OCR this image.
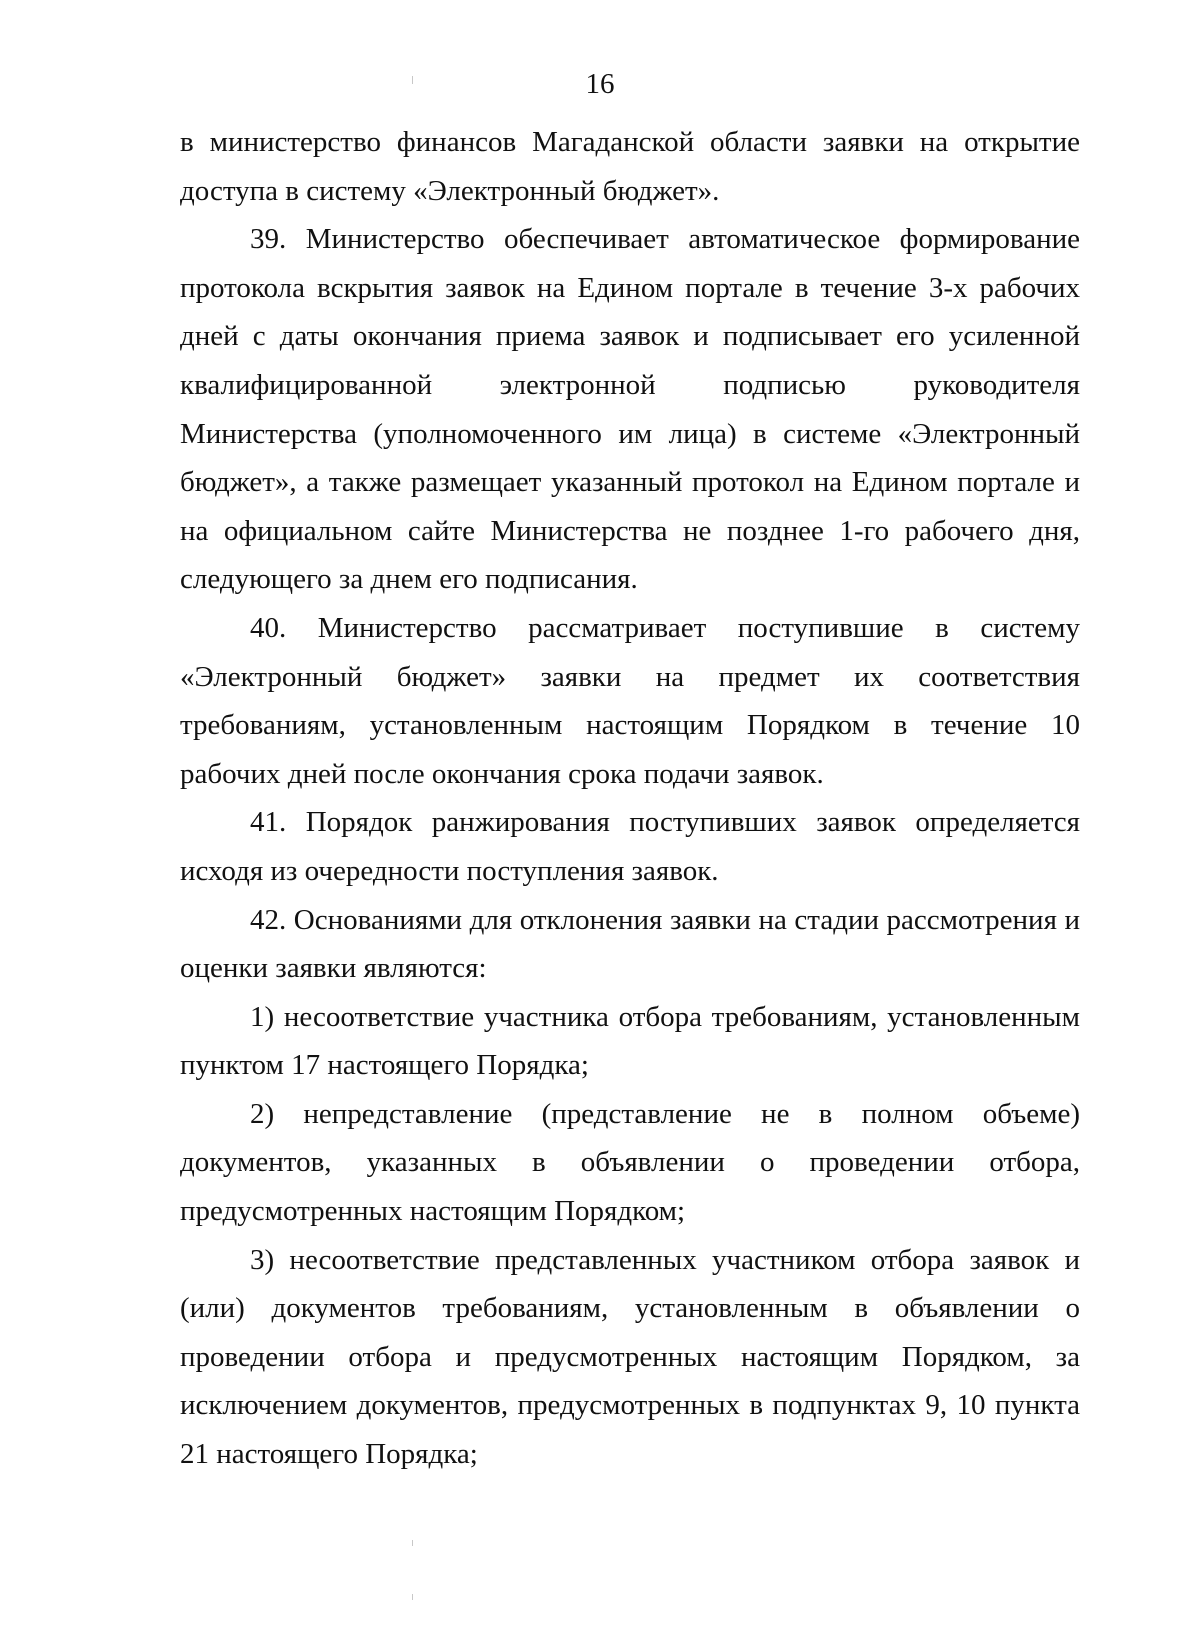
16

в министерство финансов Магаданской области заявки на открытие доступа в систему «Электронный бюджет».

39. Министерство обеспечивает автоматическое формирование протокола вскрытия заявок на Едином портале в течение 3-х рабочих дней с даты окончания приема заявок и подписывает его усиленной квалифицированной электронной подписью руководителя Министерства (уполномоченного им лица) в системе «Электронный бюджет», а также размещает указанный протокол на Едином портале и на официальном сайте Министерства не позднее 1-го рабочего дня, следующего за днем его подписания.

40. Министерство рассматривает поступившие в систему «Электронный бюджет» заявки на предмет их соответствия требованиям, установленным настоящим Порядком в течение 10 рабочих дней после окончания срока подачи заявок.

41. Порядок ранжирования поступивших заявок определяется исходя из очередности поступления заявок.

42. Основаниями для отклонения заявки на стадии рассмотрения и оценки заявки являются:

1) несоответствие участника отбора требованиям, установленным пунктом 17 настоящего Порядка;

2) непредставление (представление не в полном объеме) документов, указанных в объявлении о проведении отбора, предусмотренных настоящим Порядком;

3) несоответствие представленных участником отбора заявок и (или) документов требованиям, установленным в объявлении о проведении отбора и предусмотренных настоящим Порядком, за исключением документов, предусмотренных в подпунктах 9, 10 пункта 21 настоящего Порядка;
